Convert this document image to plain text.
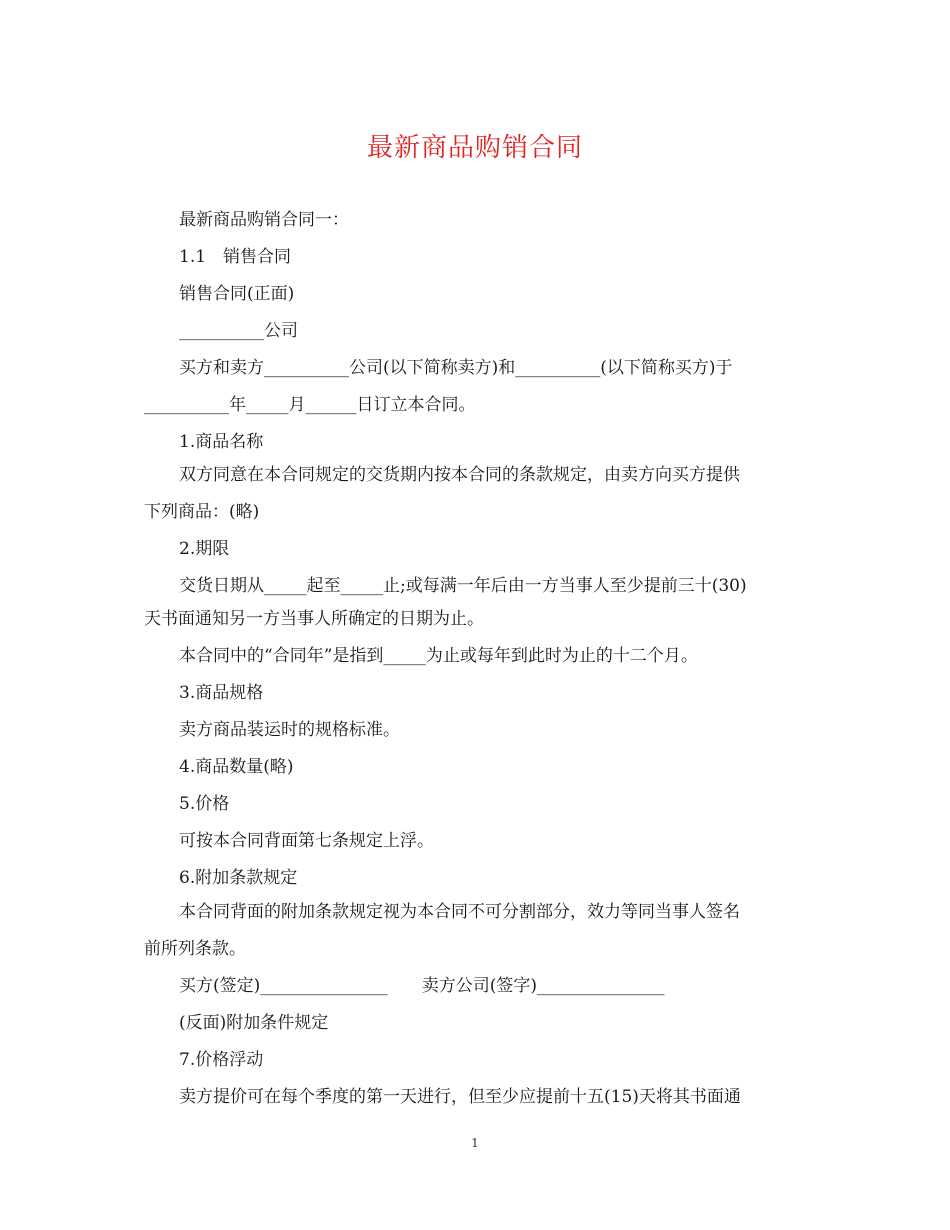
最新商品购销合同
最新商品购销合同一：
1.1　销售合同
销售合同(正面)
__________公司
买方和卖方__________公司(以下简称卖方)和__________(以下简称买方)于
__________年_____月______日订立本合同。
1.商品名称
双方同意在本合同规定的交货期内按本合同的条款规定，由卖方向买方提供
下列商品：(略)
2.期限
交货日期从_____起至_____止;或每满一年后由一方当事人至少提前三十(30)
天书面通知另一方当事人所确定的日期为止。
本合同中的“合同年”是指到_____为止或每年到此时为止的十二个月。
3.商品规格
卖方商品装运时的规格标准。
4.商品数量(略)
5.价格
可按本合同背面第七条规定上浮。
6.附加条款规定
本合同背面的附加条款规定视为本合同不可分割部分，效力等同当事人签名
前所列条款。
买方(签定)_______________　　卖方公司(签字)_______________
(反面)附加条件规定
7.价格浮动
卖方提价可在每个季度的第一天进行，但至少应提前十五(15)天将其书面通
1
